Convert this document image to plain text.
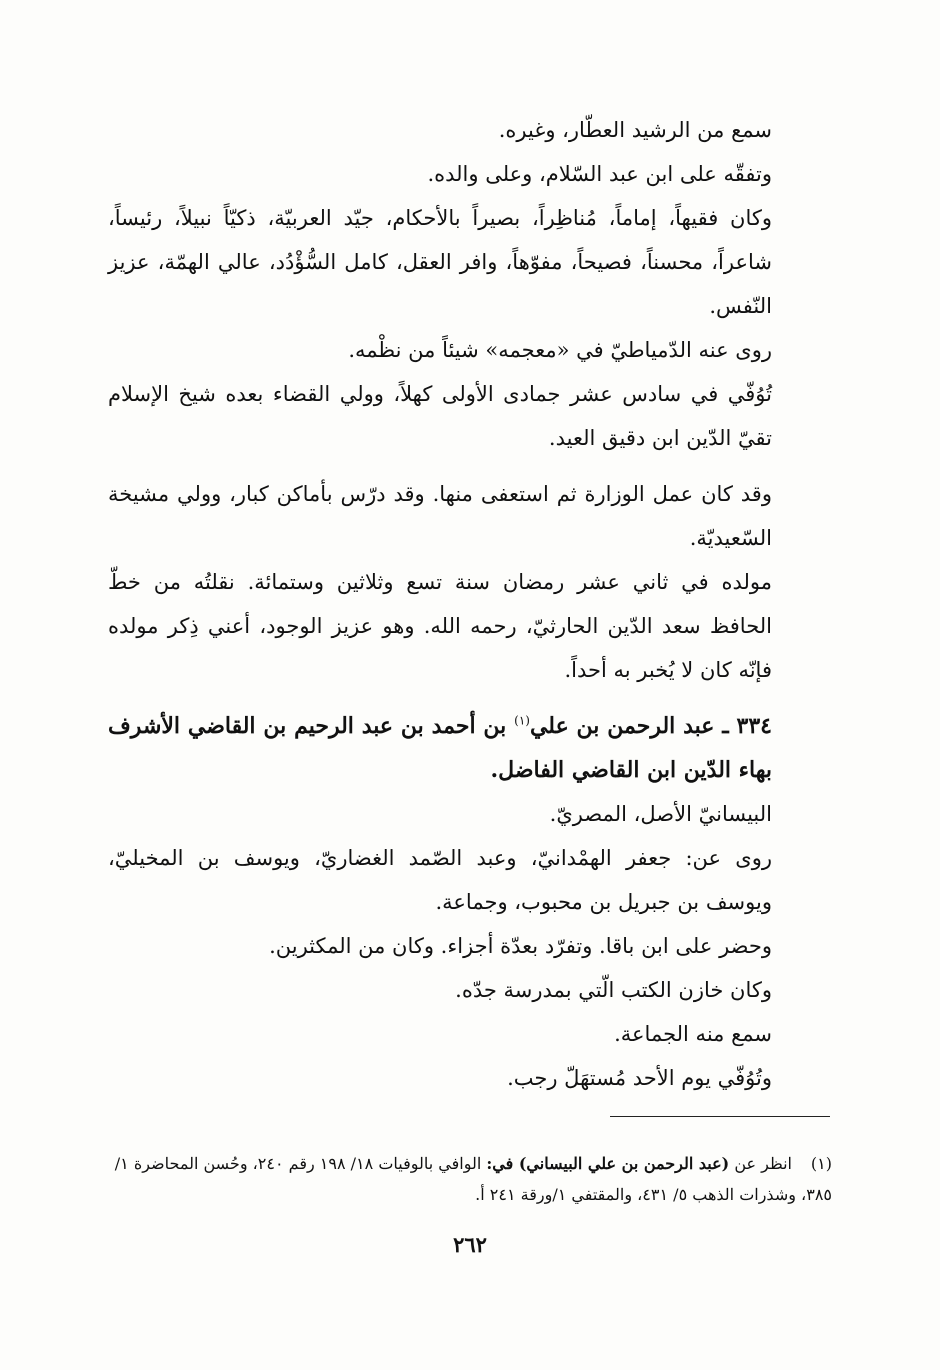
سمع من الرشيد العطّار، وغيره.

وتفقّه على ابن عبد السّلام، وعلى والده.

وكان فقيهاً، إماماً، مُناظِراً، بصيراً بالأحكام، جيّد العربيّة، ذكيّاً نبيلاً، رئيساً، شاعراً، محسناً، فصيحاً، مفوّهاً، وافر العقل، كامل السُّؤْدُد، عالي الهمّة، عزيز النّفس.

روى عنه الدّمياطيّ في «معجمه» شيئاً من نظْمه.

تُوُفّي في سادس عشر جمادى الأولى كهلاً، وولي القضاء بعده شيخ الإسلام تقيّ الدّين ابن دقيق العيد.

وقد كان عمل الوزارة ثم استعفى منها. وقد درّس بأماكن كبار، وولي مشيخة السّعيديّة.

مولده في ثاني عشر رمضان سنة تسع وثلاثين وستمائة. نقلتُه من خطّ الحافظ سعد الدّين الحارثيّ، رحمه الله. وهو عزيز الوجود، أعني ذِكر مولده فإنّه كان لا يُخبر به أحداً.

٣٣٤ ـ عبد الرحمن بن علي$^{(١)}$ بن أحمد بن عبد الرحيم بن القاضي الأشرف بهاء الدّين ابن القاضي الفاضل.

البيسانيّ الأصل، المصريّ.

روى عن: جعفر الهمْدانيّ، وعبد الصّمد الغضاريّ، ويوسف بن المخيليّ، ويوسف بن جبريل بن محبوب، وجماعة.

وحضر على ابن باقا. وتفرّد بعدّة أجزاء. وكان من المكثرين.

وكان خازن الكتب الّتي بمدرسة جدّه.

سمع منه الجماعة.

وتُوُفّي يوم الأحد مُستهَلّ رجب.

(١)انظر عن (عبد الرحمن بن علي البيساني) في: الوافي بالوفيات ١٨/ ١٩٨ رقم ٢٤٠، وحُسن المحاضرة ١/ ٣٨٥، وشذرات الذهب ٥/ ٤٣١، والمقتفي ١/ورقة ٢٤١ أ.
٢٦٢
